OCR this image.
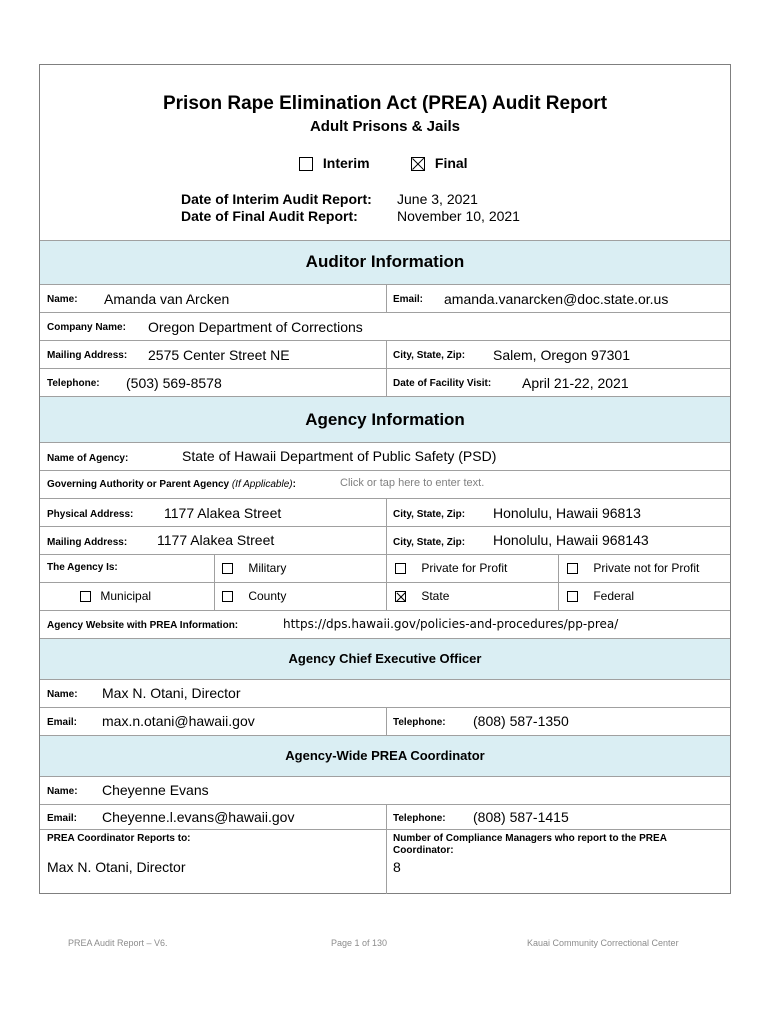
Prison Rape Elimination Act (PREA) Audit Report
Adult Prisons & Jails
Interim	Final
Date of Interim Audit Report: June 3, 2021
Date of Final Audit Report:	November 10, 2021
Auditor Information
Name: Amanda van Arcken	Email: amanda.vanarcken@doc.state.or.us
Company Name: Oregon Department of Corrections
Mailing Address: 2575 Center Street NE	City, State, Zip: Salem, Oregon 97301
Telephone: (503) 569-8578	Date of Facility Visit: April 21-22, 2021
Agency Information
Name of Agency:	State of Hawaii Department of Public Safety (PSD)
Governing Authority or Parent Agency (If Applicable):	Click or tap here to enter text.
Physical Address: 1177 Alakea Street	City, State, Zip: Honolulu, Hawaii 96813
Mailing Address: 1177 Alakea Street	City, State, Zip: Honolulu, Hawaii 968143
The Agency Is:	Military	Private for Profit	Private not for Profit
Municipal	County	State	Federal
Agency Website with PREA Information:	https://dps.hawaii.gov/policies-and-procedures/pp-prea/
Agency Chief Executive Officer
Name: Max N. Otani, Director
Email: max.n.otani@hawaii.gov	Telephone: (808) 587-1350
Agency-Wide PREA Coordinator
Name: Cheyenne Evans
Email: Cheyenne.l.evans@hawaii.gov	Telephone: (808) 587-1415
PREA Coordinator Reports to:
Max N. Otani, Director
Number of Compliance Managers who report to the PREA Coordinator:
8
PREA Audit Report – V6.	Page 1 of 130	Kauai Community Correctional Center
